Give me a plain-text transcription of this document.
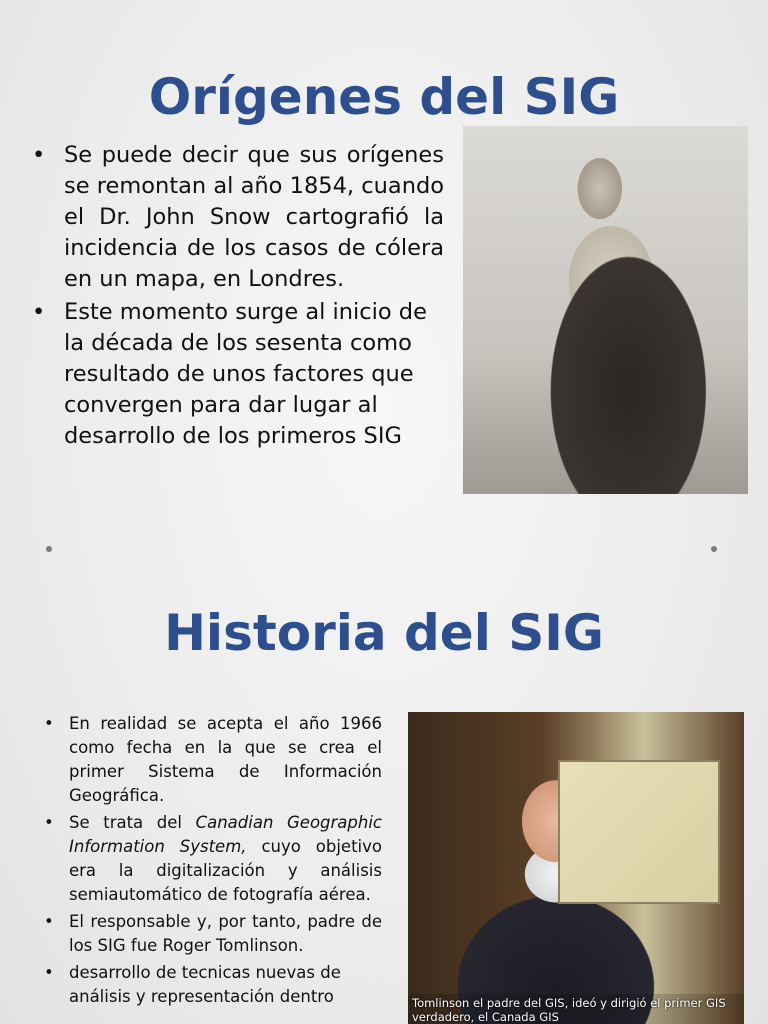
Orígenes del SIG
• Se puede decir que sus orígenes se remontan al año 1854, cuando el Dr. John Snow cartografió la incidencia de los casos de cólera en un mapa, en Londres.
• Este momento surge al inicio de la década de los sesenta como resultado de unos factores que convergen para dar lugar al desarrollo de los primeros SIG
Historia del SIG
• En realidad se acepta el año 1966 como fecha en la que se crea el primer Sistema de Información Geográfica.
• Se trata del Canadian Geographic Information System, cuyo objetivo era la digitalización y análisis semiautomático de fotografía aérea.
• El responsable y, por tanto, padre de los SIG fue Roger Tomlinson.
• desarrollo de tecnicas nuevas de análisis y representación dentro	Tomlinson el padre del GIS, ideó y dirigió el primer GIS verdadero, el Canada GIS
